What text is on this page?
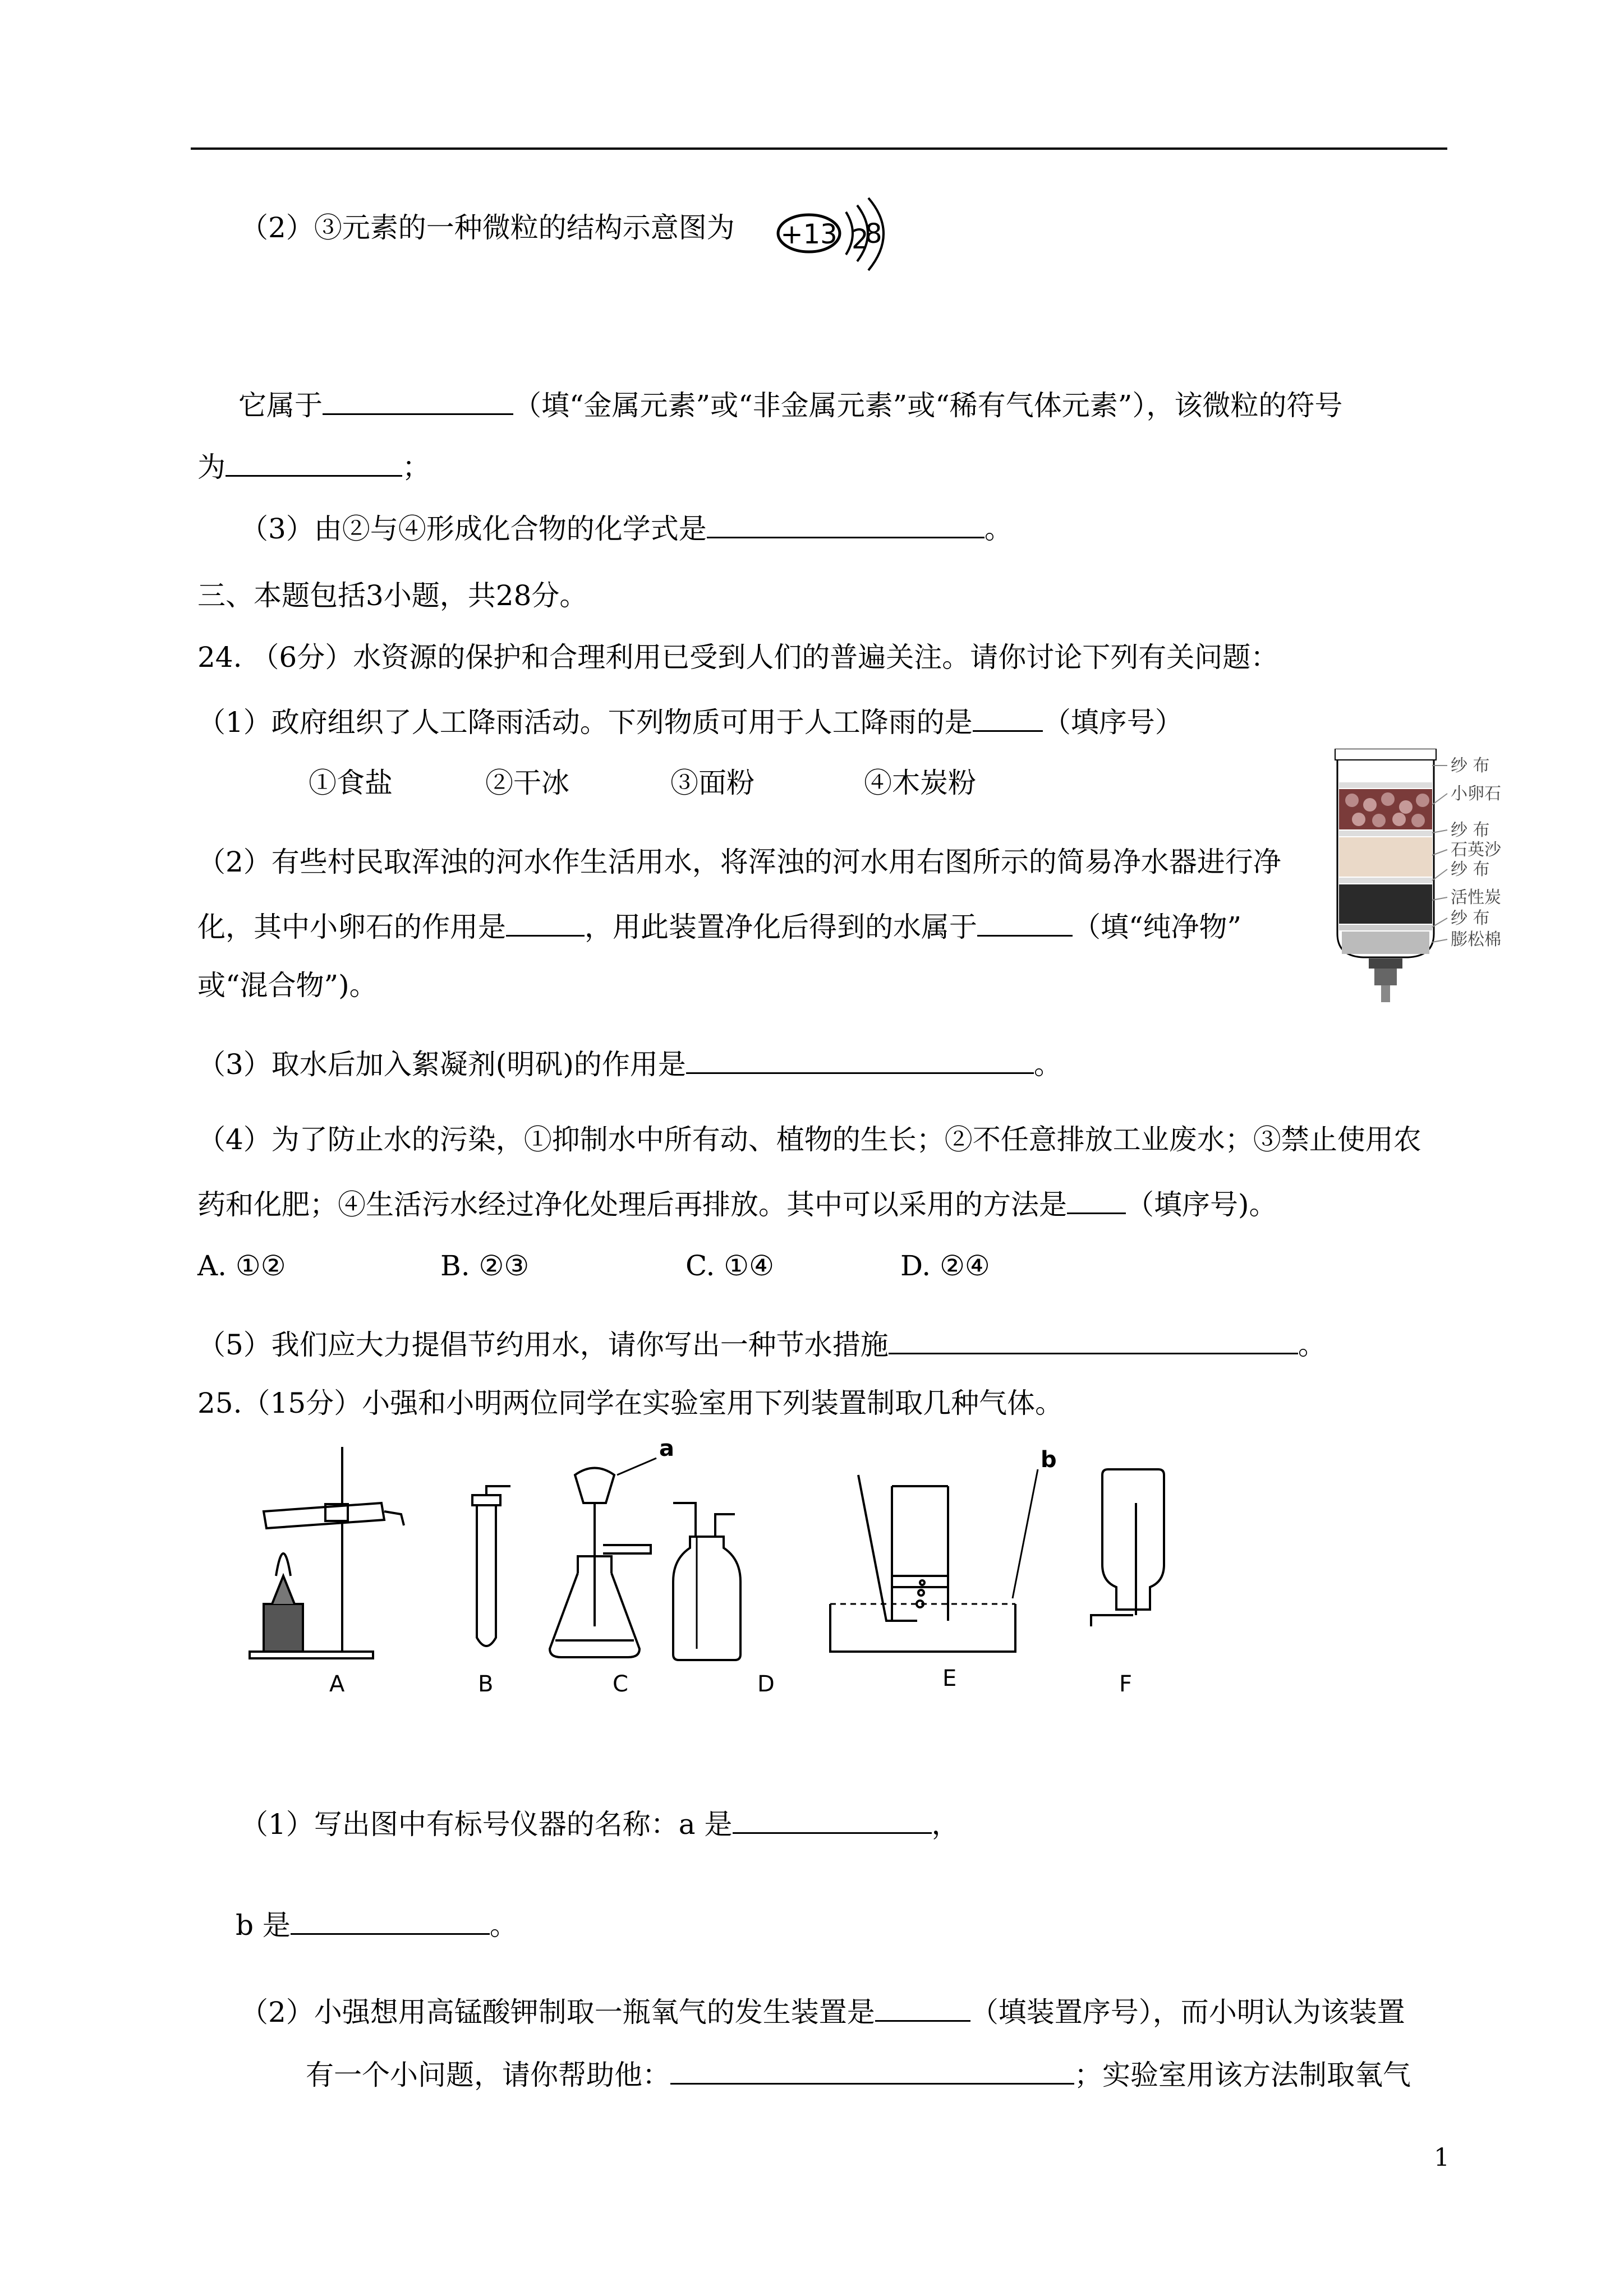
（2）③元素的一种微粒的结构示意图为 +13 2
8
它属于	（填“金属元素”或“非金属元素”或“稀有气体元素”），该微粒的符号
为	；
（3）由②与④形成化合物的化学式是	。
三、本题包括3小题，共28分。
24. （6分）水资源的保护和合理利用已受到人们的普遍关注。请你讨论下列有关问题：
（1）政府组织了人工降雨活动。下列物质可用于人工降雨的是	（填序号）
①食盐	②干冰	③面粉	④木炭粉
纱 布
小卵石
纱 布
石英沙
纱 布
活性炭
纱 布
膨松棉
（2）有些村民取浑浊的河水作生活用水，将浑浊的河水用右图所示的简易净水器进行净
化，其中小卵石的作用是	，用此装置净化后得到的水属于	（填“纯净物”
或“混合物”)。
（3）取水后加入絮凝剂(明矾)的作用是	。
（4）为了防止水的污染，①抑制水中所有动、植物的生长；②不任意排放工业废水；③禁止使用农
药和化肥；④生活污水经过净化处理后再排放。其中可以采用的方法是 （填序号)。
A. ①②	B. ②③	C. ①④	D. ②④
（5）我们应大力提倡节约用水，请你写出一种节水措施	。
25.（15分）小强和小明两位同学在实验室用下列装置制取几种气体。
A	B	C	D	E	F
a	b
（1）写出图中有标号仪器的名称：a 是	，
b 是	。
（2）小强想用高锰酸钾制取一瓶氧气的发生装置是	（填装置序号），而小明认为该装置
有一个小问题，请你帮助他：	；实验室用该方法制取氧气
1
